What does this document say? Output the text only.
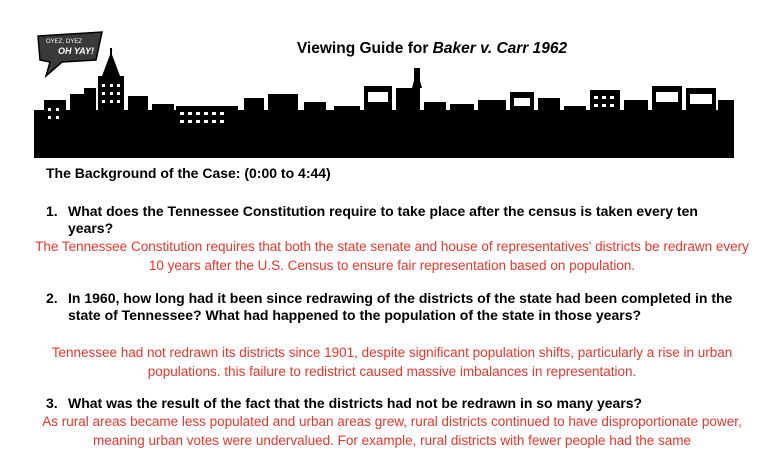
OYEZ, OYEZ
OH YAY!	Viewing Guide for Baker v. Carr 1962
The Background of the Case: (0:00 to 4:44)
1. What does the Tennessee Constitution require to take place after the census is taken every ten years?
The Tennessee Constitution requires that both the state senate and house of representatives' districts be redrawn every 10 years after the U.S. Census to ensure fair representation based on population.
2. In 1960, how long had it been since redrawing of the districts of the state had been completed in the state of Tennessee? What had happened to the population of the state in those years?
Tennessee had not redrawn its districts since 1901, despite significant population shifts, particularly a rise in urban populations. this failure to redistrict caused massive imbalances in representation.
3. What was the result of the fact that the districts had not be redrawn in so many years?
As rural areas became less populated and urban areas grew, rural districts continued to have disproportionate power, meaning urban votes were undervalued. For example, rural districts with fewer people had the same
